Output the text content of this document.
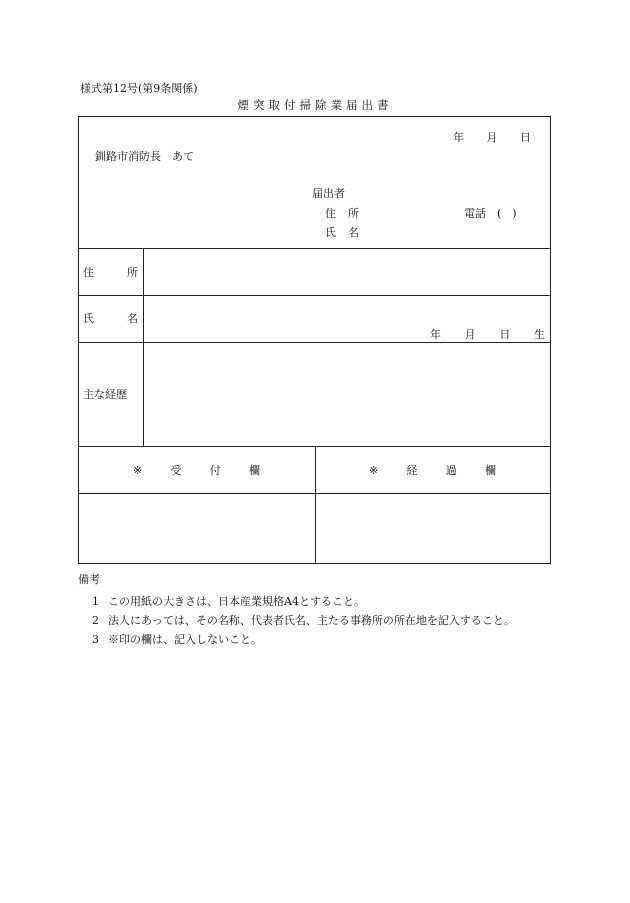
様式第12号(第9条関係)
煙突取付掃除業届出書
年 月 日
釧路市消防長　あて
届出者
住 所	電話　(　)
氏 名
住	所
氏	名
年 月 日 生
主な経歴
※	受	付	欄	※	経	過	欄
備考
1 この用紙の大きさは、日本産業規格A4とすること。
2 法人にあっては、その名称、代表者氏名、主たる事務所の所在地を記入すること。
3 ※印の欄は、記入しないこと。
